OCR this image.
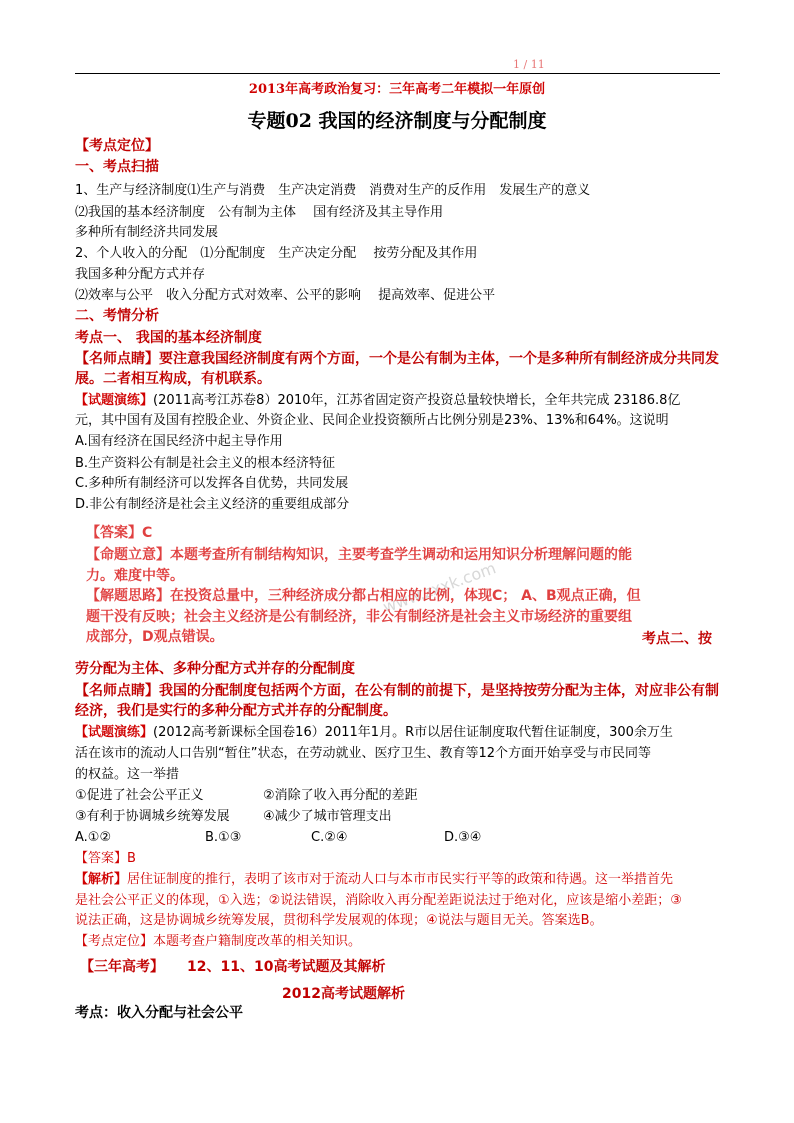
1 / 11
2013年高考政治复习：三年高考二年模拟一年原创
专题02 我国的经济制度与分配制度
【考点定位】
一、考点扫描
1、生产与经济制度⑴生产与消费　生产决定消费　消费对生产的反作用　发展生产的意义
⑵我国的基本经济制度　公有制为主体　 国有经济及其主导作用
多种所有制经济共同发展
2、个人收入的分配　⑴分配制度　生产决定分配　 按劳分配及其作用
我国多种分配方式并存
⑵效率与公平　收入分配方式对效率、公平的影响　 提高效率、促进公平
二、考情分析
考点一、 我国的基本经济制度
【名师点睛】要注意我国经济制度有两个方面，一个是公有制为主体，一个是多种所有制经济成分共同发
展。二者相互构成，有机联系。
【试题演练】(2011高考江苏卷8）2010年，江苏省固定资产投资总量较快增长，全年共完成 23186.8亿
元，其中国有及国有控股企业、外资企业、民间企业投资额所占比例分别是23%、13%和64%。这说明
A.国有经济在国民经济中起主导作用
B.生产资料公有制是社会主义的根本经济特征
C.多种所有制经济可以发挥各自优势，共同发展
D.非公有制经济是社会主义经济的重要组成部分
www.zxxk.com
【答案】C
【命题立意】本题考查所有制结构知识，主要考查学生调动和运用知识分析理解问题的能
力。难度中等。
【解题思路】在投资总量中，三种经济成分都占相应的比例，体现C； A、B观点正确，但
题干没有反映；社会主义经济是公有制经济，非公有制经济是社会主义市场经济的重要组
成部分，D观点错误。	考点二、按
劳分配为主体、多种分配方式并存的分配制度
【名师点睛】我国的分配制度包括两个方面，在公有制的前提下，是坚持按劳分配为主体，对应非公有制
经济，我们是实行的多种分配方式并存的分配制度。
【试题演练】(2012高考新课标全国卷16）2011年1月。R市以居住证制度取代暂住证制度，300余万生
活在该市的流动人口告别“暂住”状态，在劳动就业、医疗卫生、教育等12个方面开始享受与市民同等
的权益。这一举措
①促进了社会公平正义	②消除了收入再分配的差距
③有利于协调城乡统筹发展	④减少了城市管理支出
A.①②	B.①③	C.②④	D.③④
【答案】B
【解析】居住证制度的推行，表明了该市对于流动人口与本市市民实行平等的政策和待遇。这一举措首先
是社会公平正义的体现，①入选；②说法错误，消除收入再分配差距说法过于绝对化，应该是缩小差距；③
说法正确，这是协调城乡统筹发展，贯彻科学发展观的体现；④说法与题目无关。答案选B。
【考点定位】本题考查户籍制度改革的相关知识。
【三年高考】 12、11、10高考试题及其解析
2012高考试题解析
考点：收入分配与社会公平
